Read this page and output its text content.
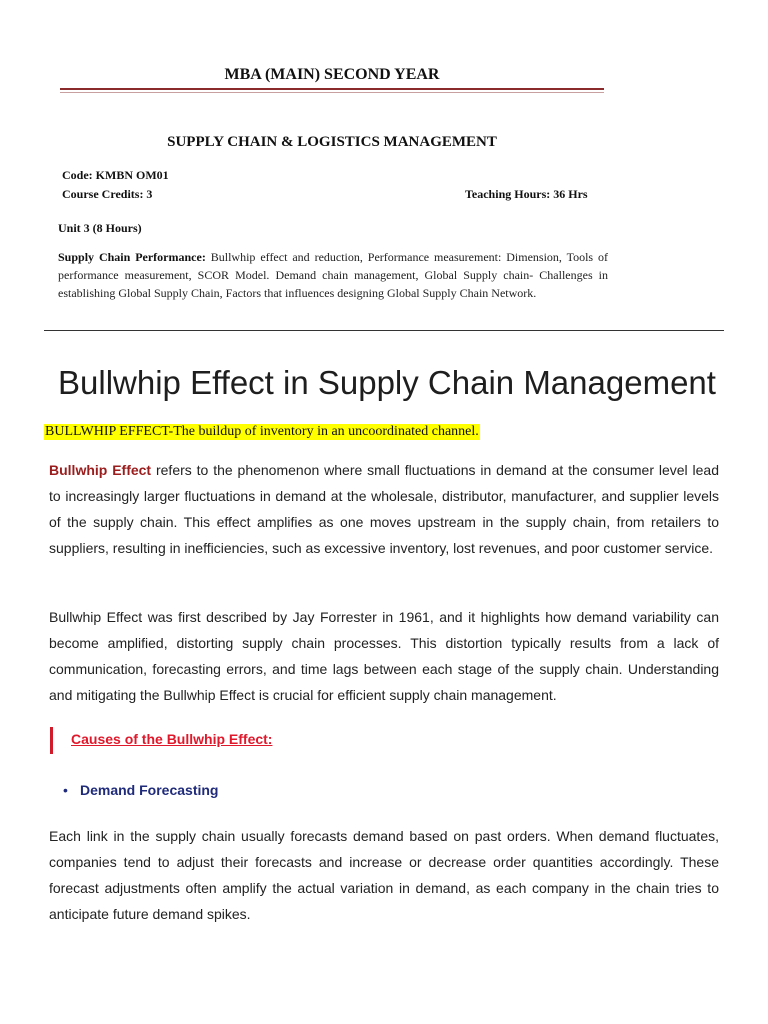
MBA (MAIN) SECOND YEAR
SUPPLY CHAIN & LOGISTICS MANAGEMENT
Code: KMBN OM01
Course Credits: 3	Teaching Hours: 36 Hrs
Unit 3 (8 Hours)
Supply Chain Performance: Bullwhip effect and reduction, Performance measurement: Dimension, Tools of performance measurement, SCOR Model. Demand chain management, Global Supply chain- Challenges in establishing Global Supply Chain, Factors that influences designing Global Supply Chain Network.
Bullwhip Effect in Supply Chain Management
BULLWHIP EFFECT-The buildup of inventory in an uncoordinated channel.
Bullwhip Effect refers to the phenomenon where small fluctuations in demand at the consumer level lead to increasingly larger fluctuations in demand at the wholesale, distributor, manufacturer, and supplier levels of the supply chain. This effect amplifies as one moves upstream in the supply chain, from retailers to suppliers, resulting in inefficiencies, such as excessive inventory, lost revenues, and poor customer service.
Bullwhip Effect was first described by Jay Forrester in 1961, and it highlights how demand variability can become amplified, distorting supply chain processes. This distortion typically results from a lack of communication, forecasting errors, and time lags between each stage of the supply chain. Understanding and mitigating the Bullwhip Effect is crucial for efficient supply chain management.
Causes of the Bullwhip Effect:
• Demand Forecasting
Each link in the supply chain usually forecasts demand based on past orders. When demand fluctuates, companies tend to adjust their forecasts and increase or decrease order quantities accordingly. These forecast adjustments often amplify the actual variation in demand, as each company in the chain tries to anticipate future demand spikes.
